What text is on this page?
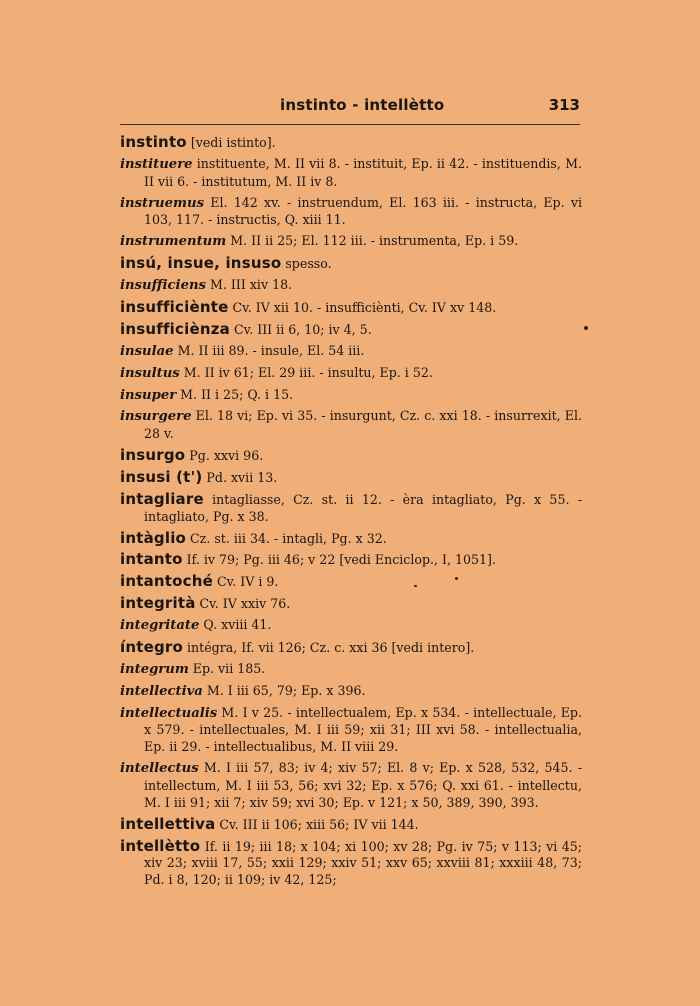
instinto - intellètto	313
instinto [vedi istinto].
instituere instituente, M. II vii 8. - instituit, Ep. ii 42. - instituendis, M. II vii 6. - institutum, M. II iv 8.
instruemus El. 142 xv. - instruendum, El. 163 iii. - instructa, Ep. vi 103, 117. - instructis, Q. xiii 11.
instrumentum M. II ii 25; El. 112 iii. - instrumenta, Ep. i 59.
insú, insue, insuso spesso.
insufficiens M. III xiv 18.
insufficiènte Cv. IV xii 10. - insufficiènti, Cv. IV xv 148.
insufficiènza Cv. III ii 6, 10; iv 4, 5.
insulae M. II iii 89. - insule, El. 54 iii.
insultus M. II iv 61; El. 29 iii. - insultu, Ep. i 52.
insuper M. II i 25; Q. i 15.
insurgere El. 18 vi; Ep. vi 35. - insurgunt, Cz. c. xxi 18. - insurrexit, El. 28 v.
insurgo Pg. xxvi 96.
insusi (t') Pd. xvii 13.
intagliare intagliasse, Cz. st. ii 12. - èra intagliato, Pg. x 55. - intagliato, Pg. x 38.
intàglio Cz. st. iii 34. - intagli, Pg. x 32.
intanto If. iv 79; Pg. iii 46; v 22 [vedi Enciclop., I, 1051].
intantoché Cv. IV i 9.
integrità Cv. IV xxiv 76.
integritate Q. xviii 41.
íntegro intégra, If. vii 126; Cz. c. xxi 36 [vedi intero].
integrum Ep. vii 185.
intellectiva M. I iii 65, 79; Ep. x 396.
intellectualis M. I v 25. - intellectualem, Ep. x 534. - intellectuale, Ep. x 579. - intellectuales, M. I iii 59; xii 31; III xvi 58. - intellectualia, Ep. ii 29. - intellectualibus, M. II viii 29.
intellectus M. I iii 57, 83; iv 4; xiv 57; El. 8 v; Ep. x 528, 532, 545. - intellectum, M. I iii 53, 56; xvi 32; Ep. x 576; Q. xxi 61. - intellectu, M. I iii 91; xii 7; xiv 59; xvi 30; Ep. v 121; x 50, 389, 390, 393.
intellettiva Cv. III ii 106; xiii 56; IV vii 144.
intellètto If. ii 19; iii 18; x 104; xi 100; xv 28; Pg. iv 75; v 113; vi 45; xiv 23; xviii 17, 55; xxii 129; xxiv 51; xxv 65; xxviii 81; xxxiii 48, 73; Pd. i 8, 120; ii 109; iv 42, 125;
